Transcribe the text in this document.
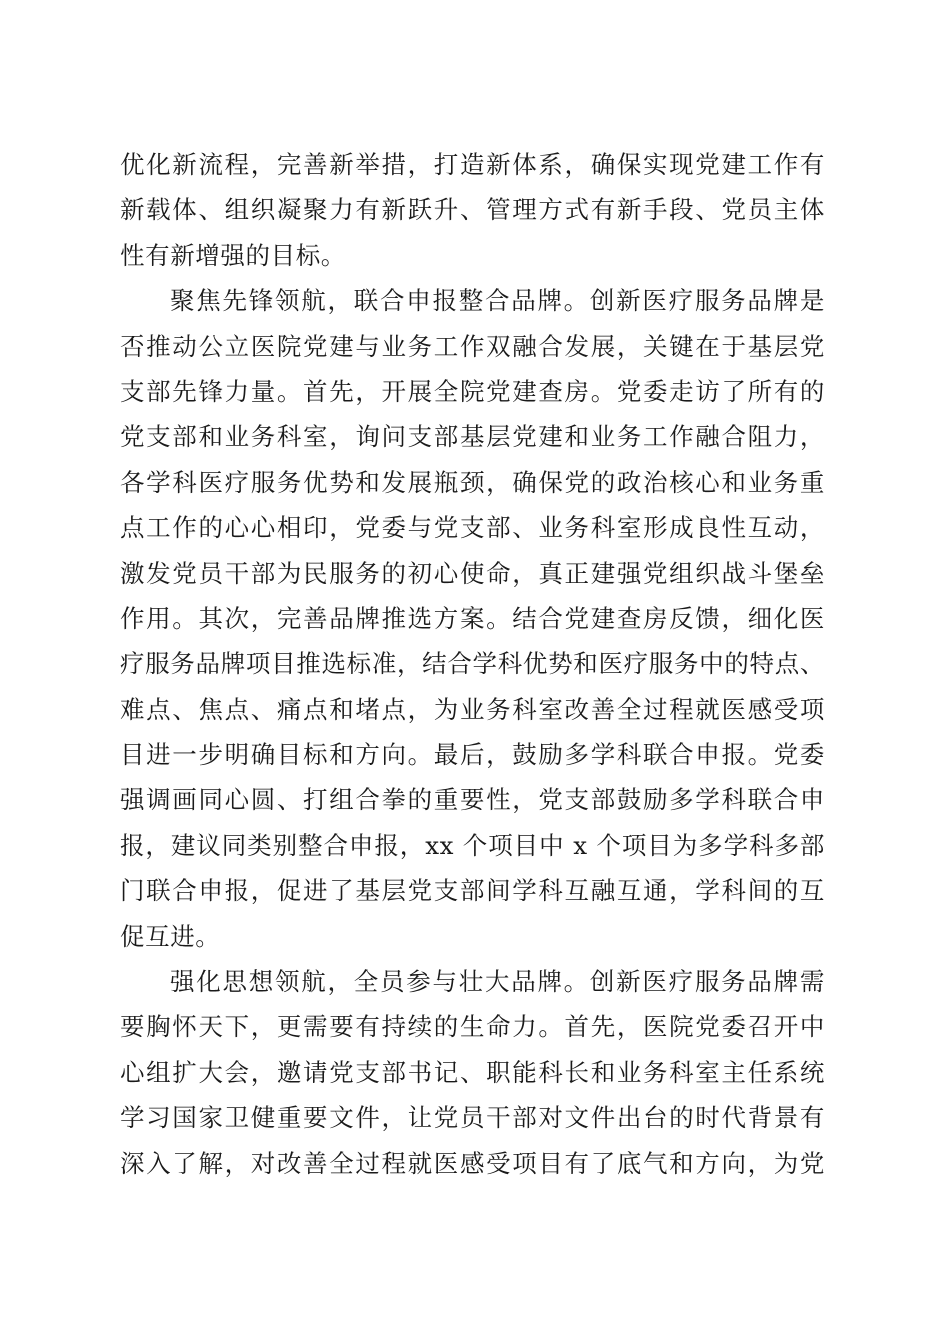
优化新流程，完善新举措，打造新体系，确保实现党建工作有
新载体、组织凝聚力有新跃升、管理方式有新手段、党员主体
性有新增强的目标。
聚焦先锋领航，联合申报整合品牌。创新医疗服务品牌是
否推动公立医院党建与业务工作双融合发展，关键在于基层党
支部先锋力量。首先，开展全院党建查房。党委走访了所有的
党支部和业务科室，询问支部基层党建和业务工作融合阻力，
各学科医疗服务优势和发展瓶颈，确保党的政治核心和业务重
点工作的心心相印，党委与党支部、业务科室形成良性互动，
激发党员干部为民服务的初心使命，真正建强党组织战斗堡垒
作用。其次，完善品牌推选方案。结合党建查房反馈，细化医
疗服务品牌项目推选标准，结合学科优势和医疗服务中的特点、
难点、焦点、痛点和堵点，为业务科室改善全过程就医感受项
目进一步明确目标和方向。最后，鼓励多学科联合申报。党委
强调画同心圆、打组合拳的重要性，党支部鼓励多学科联合申
报，建议同类别整合申报，xx 个项目中 x 个项目为多学科多部
门联合申报，促进了基层党支部间学科互融互通，学科间的互
促互进。
强化思想领航，全员参与壮大品牌。创新医疗服务品牌需
要胸怀天下，更需要有持续的生命力。首先，医院党委召开中
心组扩大会，邀请党支部书记、职能科长和业务科室主任系统
学习国家卫健重要文件，让党员干部对文件出台的时代背景有
深入了解，对改善全过程就医感受项目有了底气和方向，为党
